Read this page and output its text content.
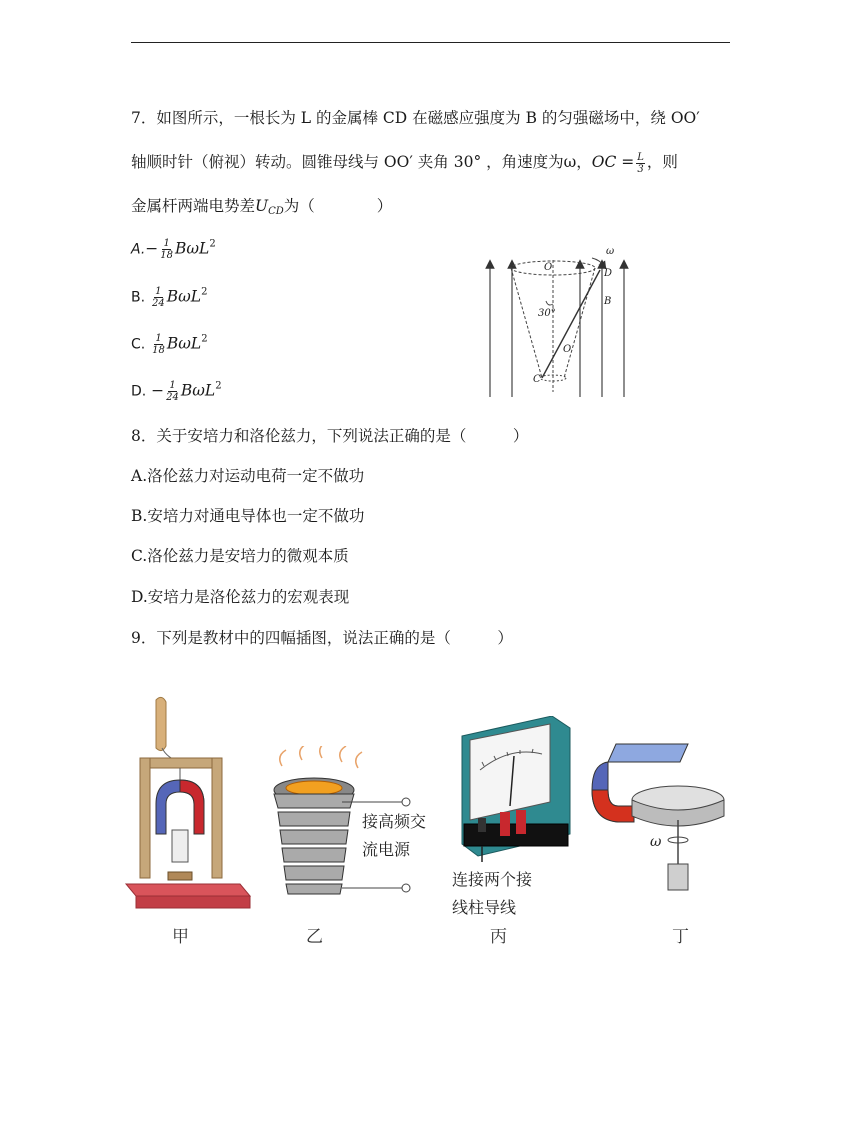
7．如图所示，一根长为 L 的金属棒 CD 在磁感应强度为 B 的匀强磁场中，绕 OO′
轴顺时针（俯视）转动。圆锥母线与 OO′ 夹角 30° ，角速度为ω，OC = $\frac{L}{3}$ ，则
金属杆两端电势差$U_{CD}$为（　　　　）
$A.- \frac{1}{18} B\omega L^2$
B. $\frac{1}{24} B\omega L^2$
C. $\frac{1}{18} B\omega L^2$
D. − $\frac{1}{24} B\omega L^2$
ω
O
D
30°
B
O
C
8．关于安培力和洛伦兹力，下列说法正确的是（　　　）
A.洛伦兹力对运动电荷一定不做功
B.安培力对通电导体也一定不做功
C.洛伦兹力是安培力的微观本质
D.安培力是洛伦兹力的宏观表现
9．下列是教材中的四幅插图，说法正确的是（　　　）
接高频交
流电源
连接两个接
线柱导线
ω
甲	乙	丙	丁
